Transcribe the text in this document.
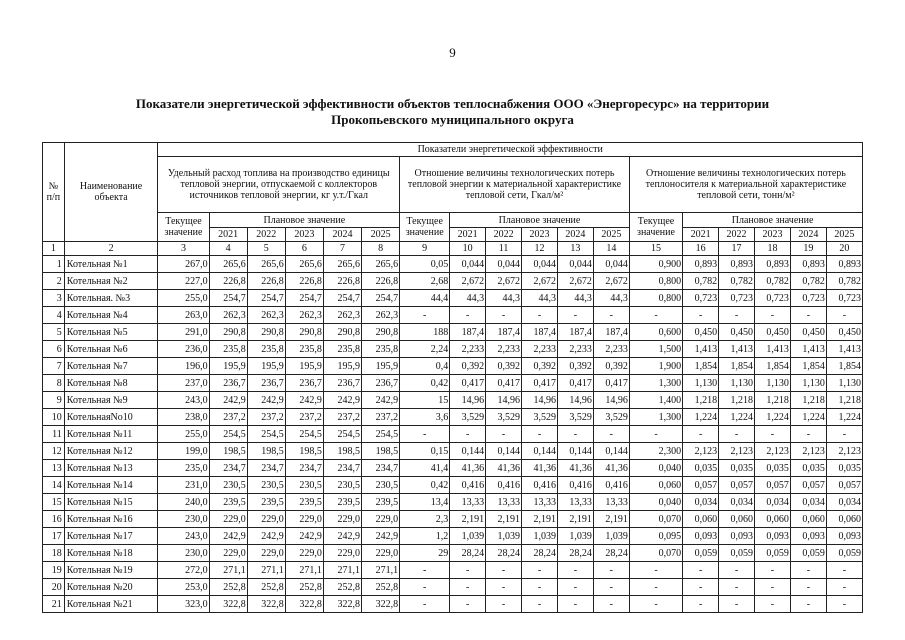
9
Показатели энергетической эффективности объектов теплоснабжения ООО «Энергоресурс» на территории
Прокопьевского муниципального округа
№ п/п	Наименование объекта	Показатели энергетической эффективности																	
		Удельный расход топлива на производство единицы тепловой энергии, отпускаемой с коллекторов источников тепловой энергии, кг у.т./Гкал						Отношение величины технологических потерь тепловой энергии к материальной характеристике тепловой сети, Гкал/м²						Отношение величины технологических потерь теплоносителя к материальной характеристике тепловой сети, тонн/м²					
		Текущее значение	Плановое значение					Текущее значение	Плановое значение					Текущее значение	Плановое значение				
			2021	2022	2023	2024	2025		2021	2022	2023	2024	2025		2021	2022	2023	2024	2025
1	2	3	4	5	6	7	8	9	10	11	12	13	14	15	16	17	18	19	20
1	Котельная №1	267,0	265,6	265,6	265,6	265,6	265,6	0,05	0,044	0,044	0,044	0,044	0,044	0,900	0,893	0,893	0,893	0,893	0,893
2	Котельная №2	227,0	226,8	226,8	226,8	226,8	226,8	2,68	2,672	2,672	2,672	2,672	2,672	0,800	0,782	0,782	0,782	0,782	0,782
3	Котельная. №3	255,0	254,7	254,7	254,7	254,7	254,7	44,4	44,3	44,3	44,3	44,3	44,3	0,800	0,723	0,723	0,723	0,723	0,723
4	Котельная №4	263,0	262,3	262,3	262,3	262,3	262,3	-	-	-	-	-	-	-	-	-	-	-	-
5	Котельная №5	291,0	290,8	290,8	290,8	290,8	290,8	188	187,4	187,4	187,4	187,4	187,4	0,600	0,450	0,450	0,450	0,450	0,450
6	Котельная №6	236,0	235,8	235,8	235,8	235,8	235,8	2,24	2,233	2,233	2,233	2,233	2,233	1,500	1,413	1,413	1,413	1,413	1,413
7	Котельная №7	196,0	195,9	195,9	195,9	195,9	195,9	0,4	0,392	0,392	0,392	0,392	0,392	1,900	1,854	1,854	1,854	1,854	1,854
8	Котельная №8	237,0	236,7	236,7	236,7	236,7	236,7	0,42	0,417	0,417	0,417	0,417	0,417	1,300	1,130	1,130	1,130	1,130	1,130
9	Котельная №9	243,0	242,9	242,9	242,9	242,9	242,9	15	14,96	14,96	14,96	14,96	14,96	1,400	1,218	1,218	1,218	1,218	1,218
10	КотельнаяNo10	238,0	237,2	237,2	237,2	237,2	237,2	3,6	3,529	3,529	3,529	3,529	3,529	1,300	1,224	1,224	1,224	1,224	1,224
11	Котельная №11	255,0	254,5	254,5	254,5	254,5	254,5	-	-	-	-	-	-	-	-	-	-	-	-
12	Котельная №12	199,0	198,5	198,5	198,5	198,5	198,5	0,15	0,144	0,144	0,144	0,144	0,144	2,300	2,123	2,123	2,123	2,123	2,123
13	Котельная №13	235,0	234,7	234,7	234,7	234,7	234,7	41,4	41,36	41,36	41,36	41,36	41,36	0,040	0,035	0,035	0,035	0,035	0,035
14	Котельная №14	231,0	230,5	230,5	230,5	230,5	230,5	0,42	0,416	0,416	0,416	0,416	0,416	0,060	0,057	0,057	0,057	0,057	0,057
15	Котельная №15	240,0	239,5	239,5	239,5	239,5	239,5	13,4	13,33	13,33	13,33	13,33	13,33	0,040	0,034	0,034	0,034	0,034	0,034
16	Котельная №16	230,0	229,0	229,0	229,0	229,0	229,0	2,3	2,191	2,191	2,191	2,191	2,191	0,070	0,060	0,060	0,060	0,060	0,060
17	Котельная №17	243,0	242,9	242,9	242,9	242,9	242,9	1,2	1,039	1,039	1,039	1,039	1,039	0,095	0,093	0,093	0,093	0,093	0,093
18	Котельная №18	230,0	229,0	229,0	229,0	229,0	229,0	29	28,24	28,24	28,24	28,24	28,24	0,070	0,059	0,059	0,059	0,059	0,059
19	Котельная №19	272,0	271,1	271,1	271,1	271,1	271,1	-	-	-	-	-	-	-	-	-	-	-	-
20	Котельная №20	253,0	252,8	252,8	252,8	252,8	252,8	-	-	-	-	-	-	-	-	-	-	-	-
21	Котельная №21	323,0	322,8	322,8	322,8	322,8	322,8	-	-	-	-	-	-	-	-	-	-	-	-
